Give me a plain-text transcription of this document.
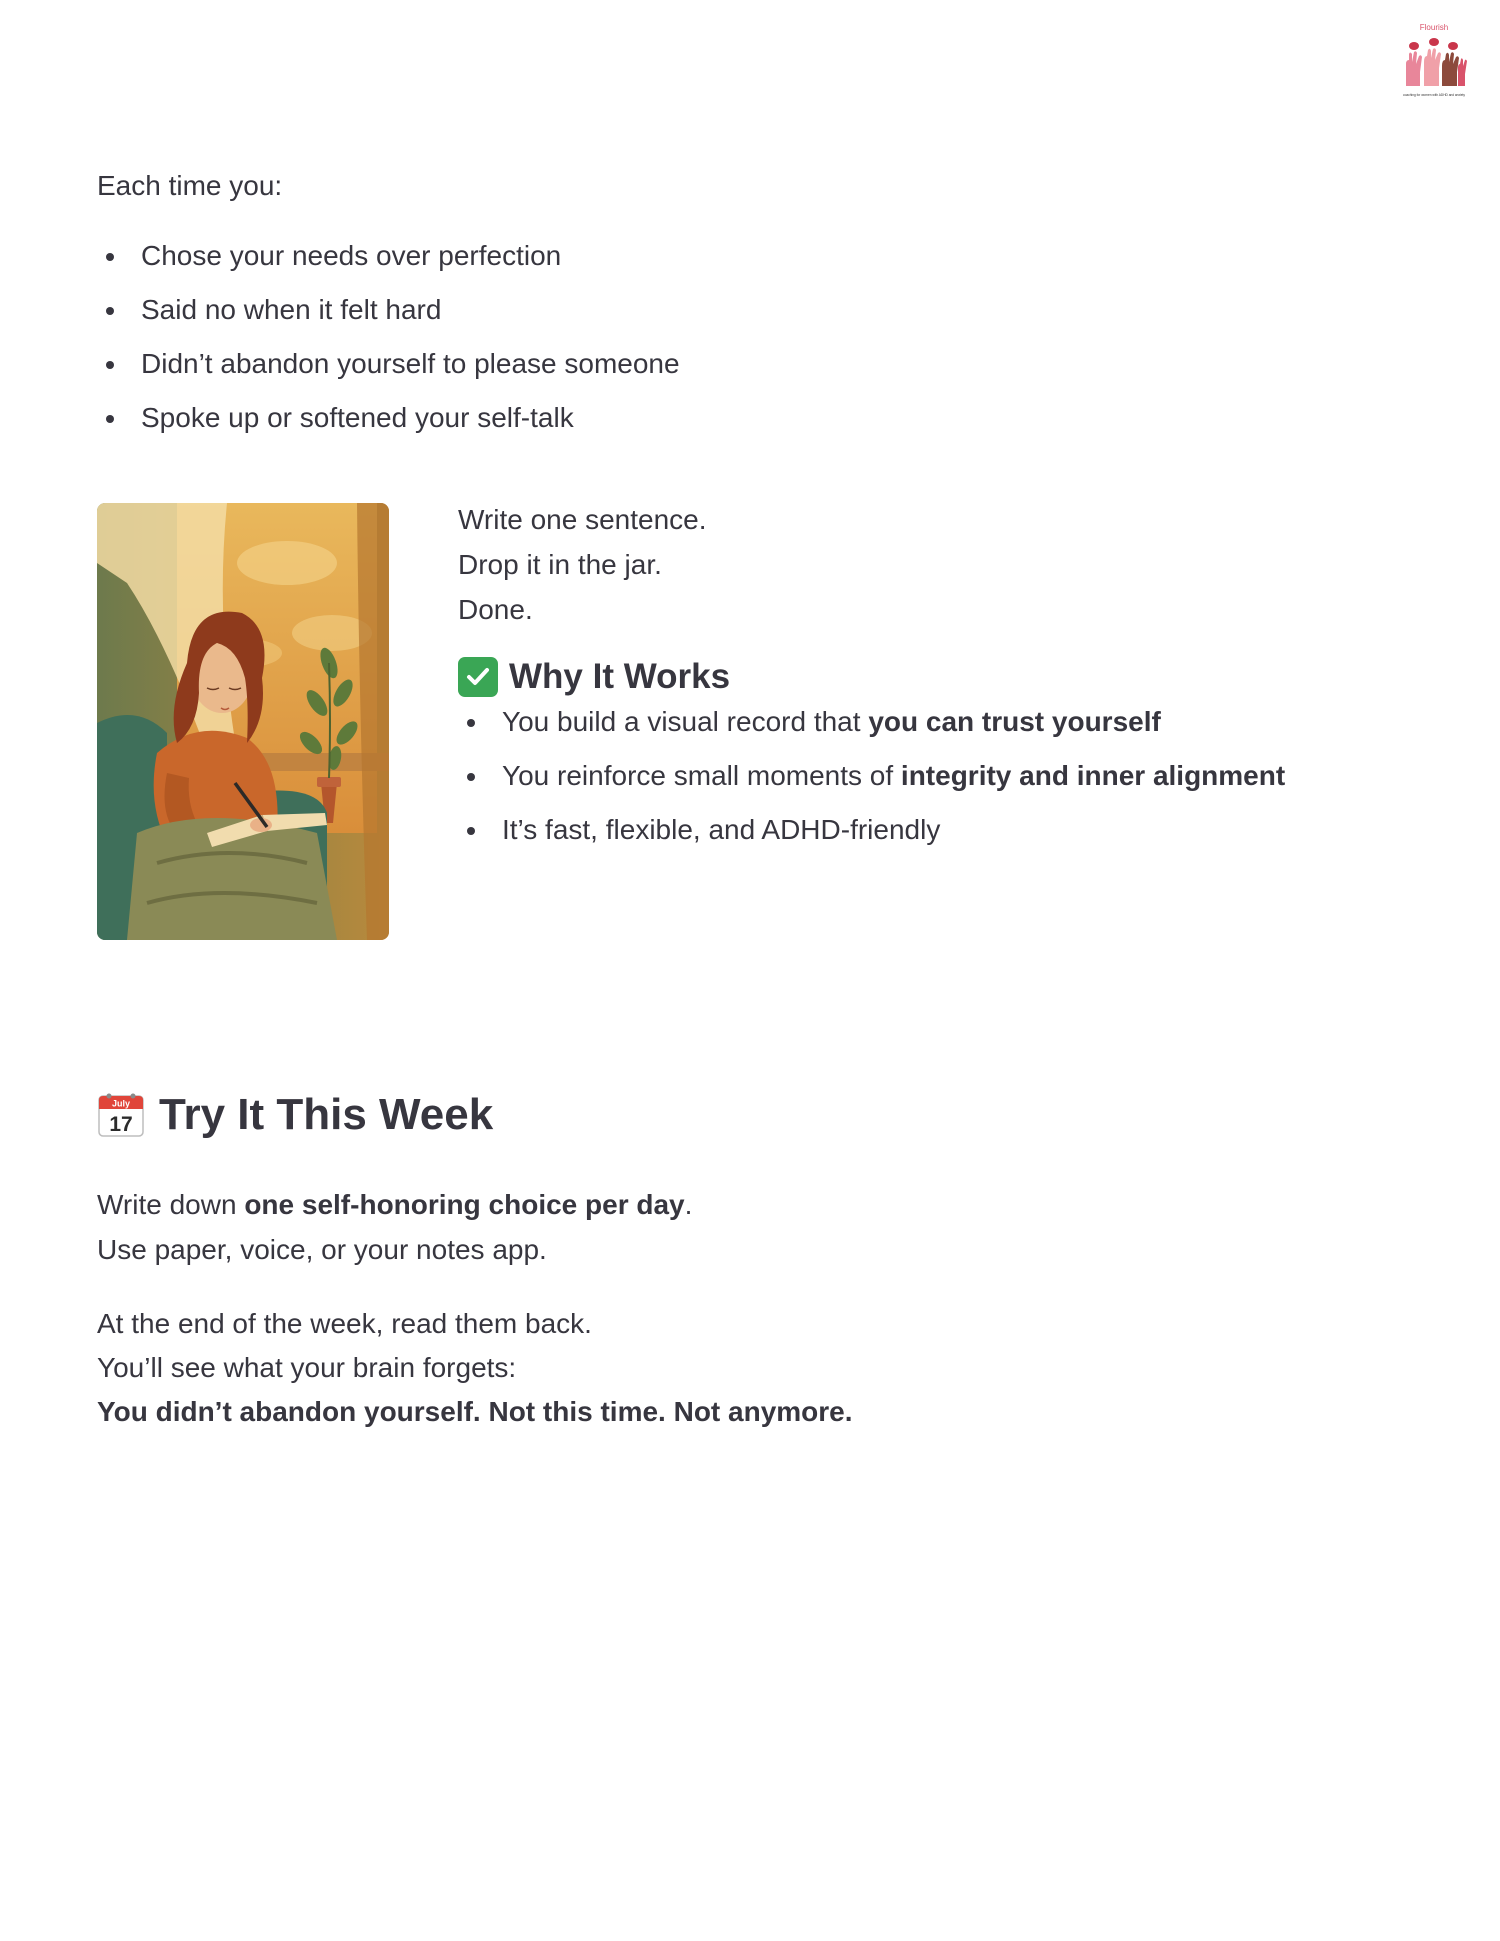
Flourish
coaching for women with ADHD and anxiety

Each time you:

Chose your needs over perfection
Said no when it felt hard
Didn’t abandon yourself to please someone
Spoke up or softened your self-talk

Write one sentence.

Drop it in the jar.

Done.

Why It Works
You build a visual record that you can trust yourself
You reinforce small moments of integrity and inner alignment
It’s fast, flexible, and ADHD-friendly
July
17 Try It This Week

Write down one self-honoring choice per day.
Use paper, voice, or your notes app.

At the end of the week, read them back.
You’ll see what your brain forgets:
You didn’t abandon yourself. Not this time. Not anymore.
